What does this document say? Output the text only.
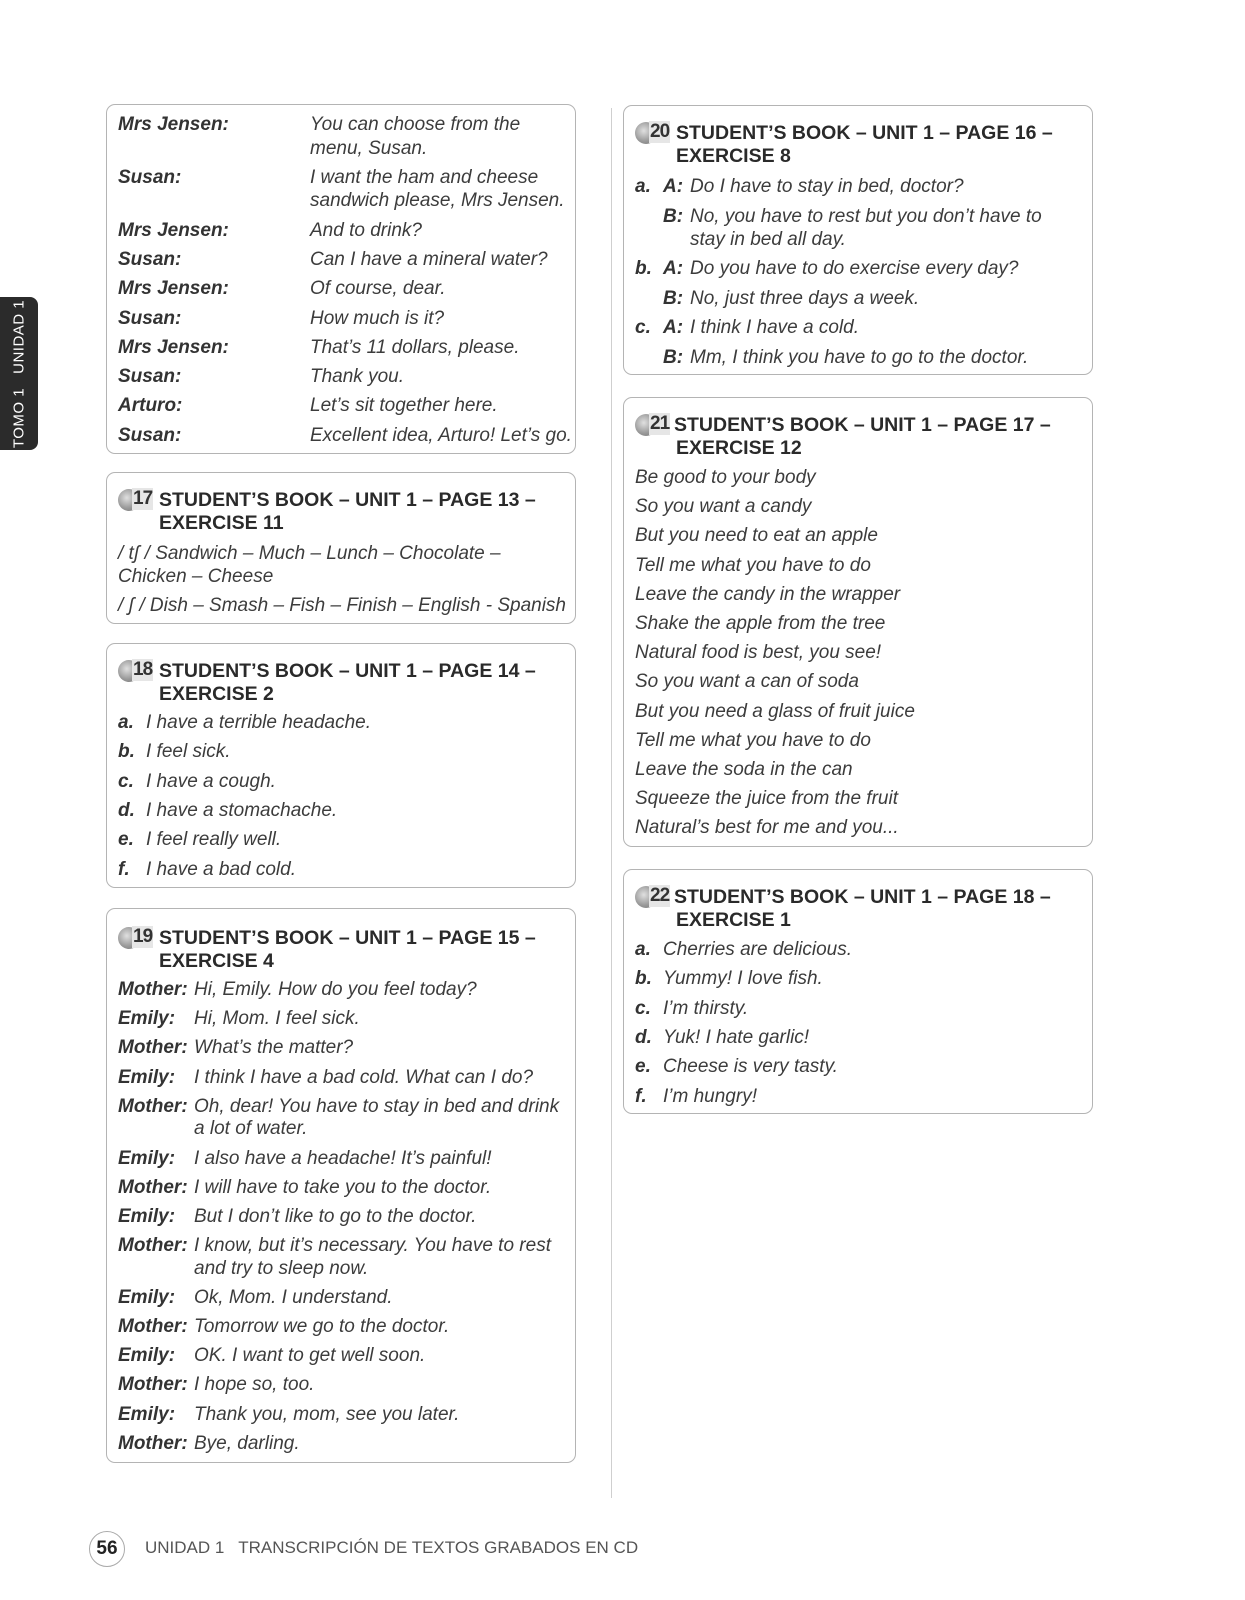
TOMO 1   UNIDAD 1
Mrs Jensen:	You can choose from the
menu, Susan.
Susan:	I want the ham and cheese
sandwich please, Mrs Jensen.
Mrs Jensen:	And to drink?
Susan:	Can I have a mineral water?
Mrs Jensen:	Of course, dear.
Susan:	How much is it?
Mrs Jensen:	That’s 11 dollars, please.
Susan:	Thank you.
Arturo:	Let’s sit together here.
Susan:	Excellent idea, Arturo! Let’s go.
17 STUDENT’S BOOK – UNIT 1 – PAGE 13 –
EXERCISE 11
/ tʃ / Sandwich – Much – Lunch – Chocolate –
Chicken – Cheese
/ ʃ / Dish – Smash – Fish – Finish – English - Spanish
18 STUDENT’S BOOK – UNIT 1 – PAGE 14 –
EXERCISE 2
a. I have a terrible headache.
b. I feel sick.
c. I have a cough.
d. I have a stomachache.
e. I feel really well.
f. I have a bad cold.
19 STUDENT’S BOOK – UNIT 1 – PAGE 15 –
EXERCISE 4
Mother: Hi, Emily. How do you feel today?
Emily: Hi, Mom. I feel sick.
Mother: What’s the matter?
Emily: I think I have a bad cold. What can I do?
Mother: Oh, dear! You have to stay in bed and drink
a lot of water.
Emily: I also have a headache! It’s painful!
Mother: I will have to take you to the doctor.
Emily: But I don’t like to go to the doctor.
Mother: I know, but it’s necessary. You have to rest
and try to sleep now.
Emily: Ok, Mom. I understand.
Mother: Tomorrow we go to the doctor.
Emily: OK. I want to get well soon.
Mother: I hope so, too.
Emily: Thank you, mom, see you later.
Mother: Bye, darling.
20 STUDENT’S BOOK – UNIT 1 – PAGE 16 –
EXERCISE 8
a. A: Do I have to stay in bed, doctor?
B: No, you have to rest but you don’t have to
stay in bed all day.
b. A: Do you have to do exercise every day?
B: No, just three days a week.
c. A: I think I have a cold.
B: Mm, I think you have to go to the doctor.
21 STUDENT’S BOOK – UNIT 1 – PAGE 17 –
EXERCISE 12
Be good to your body
So you want a candy
But you need to eat an apple
Tell me what you have to do
Leave the candy in the wrapper
Shake the apple from the tree
Natural food is best, you see!
So you want a can of soda
But you need a glass of fruit juice
Tell me what you have to do
Leave the soda in the can
Squeeze the juice from the fruit
Natural’s best for me and you...
22 STUDENT’S BOOK – UNIT 1 – PAGE 18 –
EXERCISE 1
a. Cherries are delicious.
b. Yummy! I love fish.
c. I’m thirsty.
d. Yuk! I hate garlic!
e. Cheese is very tasty.
f. I’m hungry!
56	UNIDAD 1   TRANSCRIPCIÓN DE TEXTOS GRABADOS EN CD
